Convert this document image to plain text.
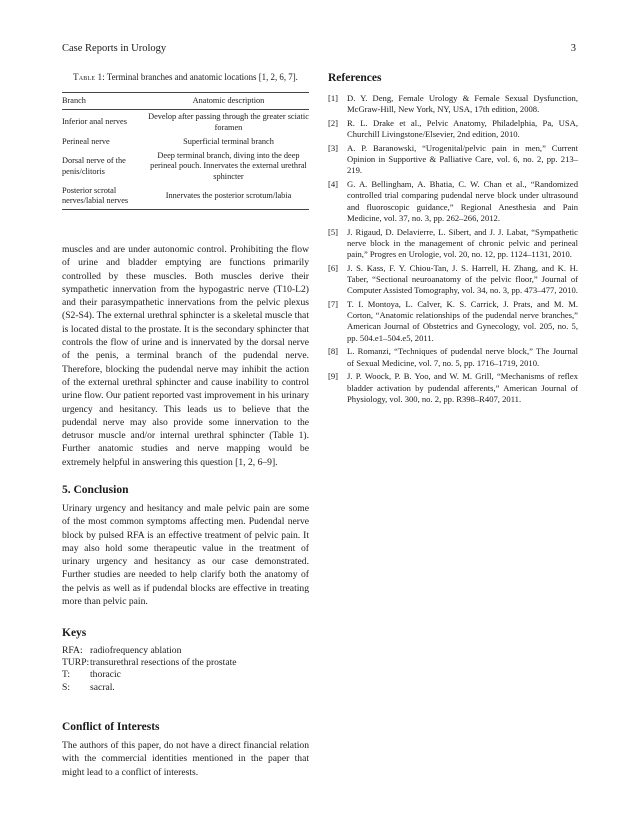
Case Reports in Urology	3
Table 1: Terminal branches and anatomic locations [1, 2, 6, 7].
Branch	Anatomic description
Inferior anal nerves	Develop after passing through the greater sciatic foramen
Perineal nerve	Superficial terminal branch
Dorsal nerve of the penis/clitoris	Deep terminal branch, diving into the deep perineal pouch. Innervates the external urethral sphincter
Posterior scrotal nerves/labial nerves	Innervates the posterior scrotum/labia

muscles and are under autonomic control. Prohibiting the flow of urine and bladder emptying are functions primarily controlled by these muscles. Both muscles derive their sympathetic innervation from the hypogastric nerve (T10-L2) and their parasympathetic innervations from the pelvic plexus (S2-S4). The external urethral sphincter is a skeletal muscle that is located distal to the prostate. It is the secondary sphincter that controls the flow of urine and is innervated by the dorsal nerve of the penis, a terminal branch of the pudendal nerve. Therefore, blocking the pudendal nerve may inhibit the action of the external urethral sphincter and cause inability to control urine flow. Our patient reported vast improvement in his urinary urgency and hesitancy. This leads us to believe that the pudendal nerve may also provide some innervation to the detrusor muscle and/or internal urethral sphincter (Table 1). Further anatomic studies and nerve mapping would be extremely helpful in answering this question [1, 2, 6–9].

5. Conclusion

Urinary urgency and hesitancy and male pelvic pain are some of the most common symptoms affecting men. Pudendal nerve block by pulsed RFA is an effective treatment of pelvic pain. It may also hold some therapeutic value in the treatment of urinary urgency and hesitancy as our case demonstrated. Further studies are needed to help clarify both the anatomy of the pelvis as well as if pudendal blocks are effective in treating more than pelvic pain.

Keys
RFA: radiofrequency ablation
TURP: transurethral resections of the prostate
T:	thoracic
S:	sacral.
Conflict of Interests

The authors of this paper, do not have a direct financial relation with the commercial identities mentioned in the paper that might lead to a conflict of interests.

References
[1]	D. Y. Deng, Female Urology & Female Sexual Dysfunction, McGraw-Hill, New York, NY, USA, 17th edition, 2008.
[2]	R. L. Drake et al., Pelvic Anatomy, Philadelphia, Pa, USA, Churchill Livingstone/Elsevier, 2nd edition, 2010.
[3]	A. P. Baranowski, “Urogenital/pelvic pain in men,” Current Opinion in Supportive & Palliative Care, vol. 6, no. 2, pp. 213–219.
[4]	G. A. Bellingham, A. Bhatia, C. W. Chan et al., “Randomized controlled trial comparing pudendal nerve block under ultrasound and fluoroscopic guidance,” Regional Anesthesia and Pain Medicine, vol. 37, no. 3, pp. 262–266, 2012.
[5]	J. Rigaud, D. Delavierre, L. Sibert, and J. J. Labat, “Sympathetic nerve block in the management of chronic pelvic and perineal pain,” Progres en Urologie, vol. 20, no. 12, pp. 1124–1131, 2010.
[6]	J. S. Kass, F. Y. Chiou-Tan, J. S. Harrell, H. Zhang, and K. H. Taber, “Sectional neuroanatomy of the pelvic floor,” Journal of Computer Assisted Tomography, vol. 34, no. 3, pp. 473–477, 2010.
[7]	T. I. Montoya, L. Calver, K. S. Carrick, J. Prats, and M. M. Corton, “Anatomic relationships of the pudendal nerve branches,” American Journal of Obstetrics and Gynecology, vol. 205, no. 5, pp. 504.e1–504.e5, 2011.
[8]	L. Romanzi, “Techniques of pudendal nerve block,” The Journal of Sexual Medicine, vol. 7, no. 5, pp. 1716–1719, 2010.
[9]	J. P. Woock, P. B. Yoo, and W. M. Grill, “Mechanisms of reflex bladder activation by pudendal afferents,” American Journal of Physiology, vol. 300, no. 2, pp. R398–R407, 2011.
